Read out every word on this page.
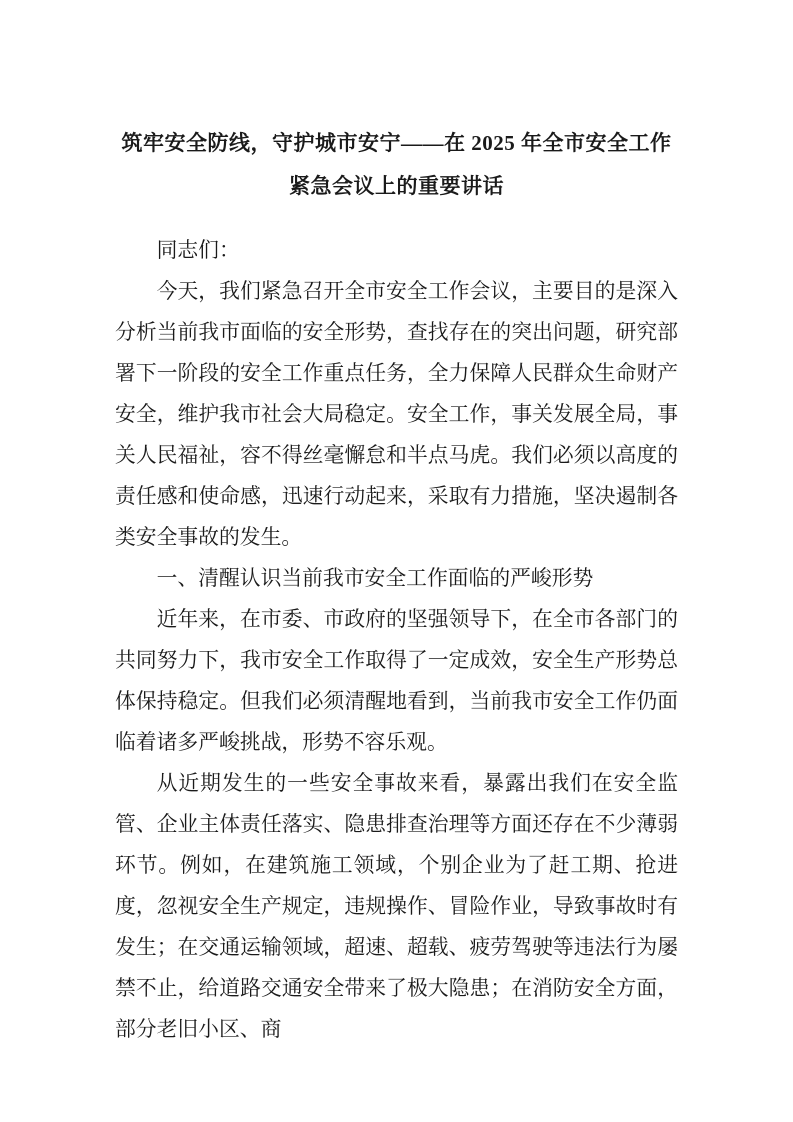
筑牢安全防线，守护城市安宁——在 2025 年全市安全工作紧急会议上的重要讲话

同志们：

今天，我们紧急召开全市安全工作会议，主要目的是深入分析当前我市面临的安全形势，查找存在的突出问题，研究部署下一阶段的安全工作重点任务，全力保障人民群众生命财产安全，维护我市社会大局稳定。安全工作，事关发展全局，事关人民福祉，容不得丝毫懈怠和半点马虎。我们必须以高度的责任感和使命感，迅速行动起来，采取有力措施，坚决遏制各类安全事故的发生。

一、清醒认识当前我市安全工作面临的严峻形势

近年来，在市委、市政府的坚强领导下，在全市各部门的共同努力下，我市安全工作取得了一定成效，安全生产形势总体保持稳定。但我们必须清醒地看到，当前我市安全工作仍面临着诸多严峻挑战，形势不容乐观。

从近期发生的一些安全事故来看，暴露出我们在安全监管、企业主体责任落实、隐患排查治理等方面还存在不少薄弱环节。例如，在建筑施工领域，个别企业为了赶工期、抢进度，忽视安全生产规定，违规操作、冒险作业，导致事故时有发生；在交通运输领域，超速、超载、疲劳驾驶等违法行为屡禁不止，给道路交通安全带来了极大隐患；在消防安全方面，部分老旧小区、商
